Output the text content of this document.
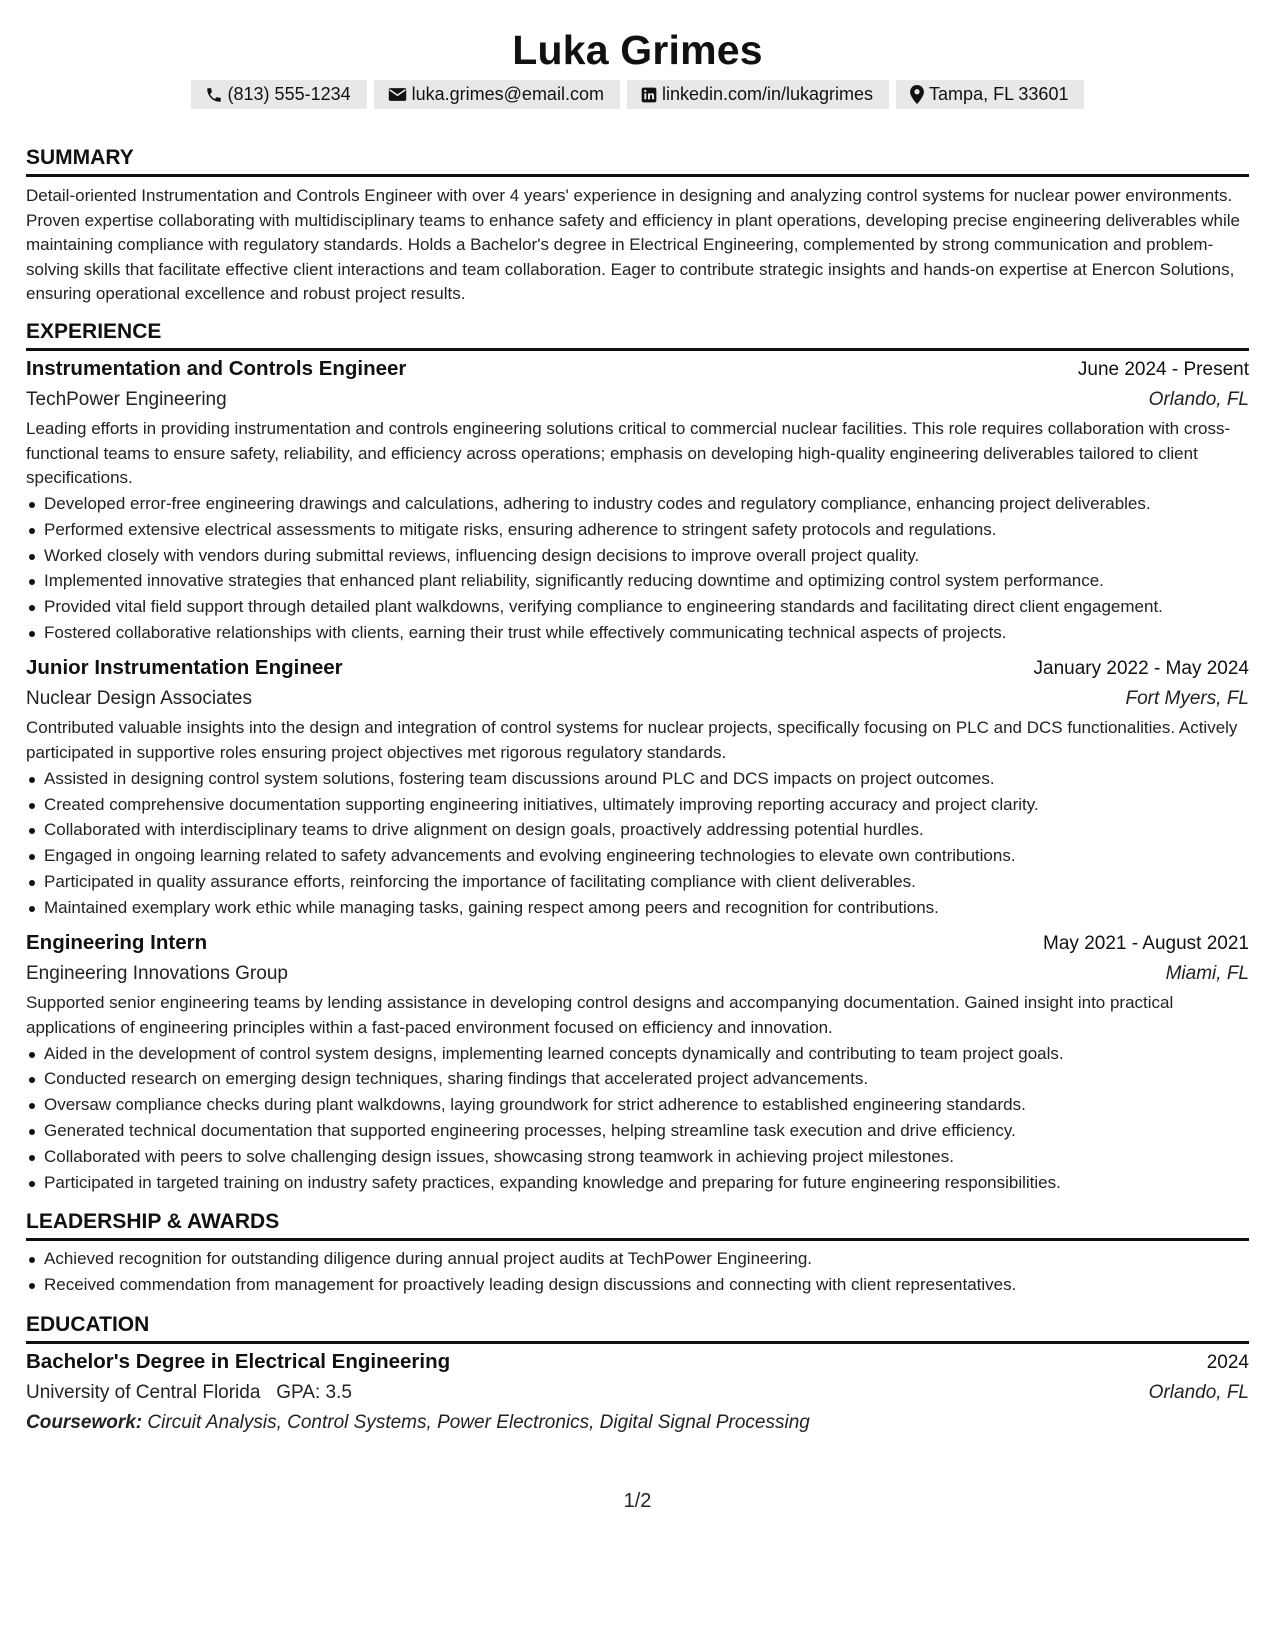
Luka Grimes
(813) 555-1234	luka.grimes@email.com	linkedin.com/in/lukagrimes	Tampa, FL 33601
SUMMARY

Detail-oriented Instrumentation and Controls Engineer with over 4 years' experience in designing and analyzing control systems for nuclear power environments. Proven expertise collaborating with multidisciplinary teams to enhance safety and efficiency in plant operations, developing precise engineering deliverables while maintaining compliance with regulatory standards. Holds a Bachelor's degree in Electrical Engineering, complemented by strong communication and problem-solving skills that facilitate effective client interactions and team collaboration. Eager to contribute strategic insights and hands-on expertise at Enercon Solutions, ensuring operational excellence and robust project results.

EXPERIENCE
Instrumentation and Controls Engineer	June 2024 - Present
TechPower Engineering	Orlando, FL

Leading efforts in providing instrumentation and controls engineering solutions critical to commercial nuclear facilities. This role requires collaboration with cross-functional teams to ensure safety, reliability, and efficiency across operations; emphasis on developing high-quality engineering deliverables tailored to client specifications.

Developed error-free engineering drawings and calculations, adhering to industry codes and regulatory compliance, enhancing project deliverables.
Performed extensive electrical assessments to mitigate risks, ensuring adherence to stringent safety protocols and regulations.
Worked closely with vendors during submittal reviews, influencing design decisions to improve overall project quality.
Implemented innovative strategies that enhanced plant reliability, significantly reducing downtime and optimizing control system performance.
Provided vital field support through detailed plant walkdowns, verifying compliance to engineering standards and facilitating direct client engagement.
Fostered collaborative relationships with clients, earning their trust while effectively communicating technical aspects of projects.
Junior Instrumentation Engineer	January 2022 - May 2024
Nuclear Design Associates	Fort Myers, FL

Contributed valuable insights into the design and integration of control systems for nuclear projects, specifically focusing on PLC and DCS functionalities. Actively participated in supportive roles ensuring project objectives met rigorous regulatory standards.

Assisted in designing control system solutions, fostering team discussions around PLC and DCS impacts on project outcomes.
Created comprehensive documentation supporting engineering initiatives, ultimately improving reporting accuracy and project clarity.
Collaborated with interdisciplinary teams to drive alignment on design goals, proactively addressing potential hurdles.
Engaged in ongoing learning related to safety advancements and evolving engineering technologies to elevate own contributions.
Participated in quality assurance efforts, reinforcing the importance of facilitating compliance with client deliverables.
Maintained exemplary work ethic while managing tasks, gaining respect among peers and recognition for contributions.
Engineering Intern	May 2021 - August 2021
Engineering Innovations Group	Miami, FL

Supported senior engineering teams by lending assistance in developing control designs and accompanying documentation. Gained insight into practical applications of engineering principles within a fast-paced environment focused on efficiency and innovation.

Aided in the development of control system designs, implementing learned concepts dynamically and contributing to team project goals.
Conducted research on emerging design techniques, sharing findings that accelerated project advancements.
Oversaw compliance checks during plant walkdowns, laying groundwork for strict adherence to established engineering standards.
Generated technical documentation that supported engineering processes, helping streamline task execution and drive efficiency.
Collaborated with peers to solve challenging design issues, showcasing strong teamwork in achieving project milestones.
Participated in targeted training on industry safety practices, expanding knowledge and preparing for future engineering responsibilities.
LEADERSHIP & AWARDS
Achieved recognition for outstanding diligence during annual project audits at TechPower Engineering.
Received commendation from management for proactively leading design discussions and connecting with client representatives.
EDUCATION
Bachelor's Degree in Electrical Engineering	2024
University of Central Florida GPA: 3.5	Orlando, FL
Coursework: Circuit Analysis, Control Systems, Power Electronics, Digital Signal Processing
1/2
